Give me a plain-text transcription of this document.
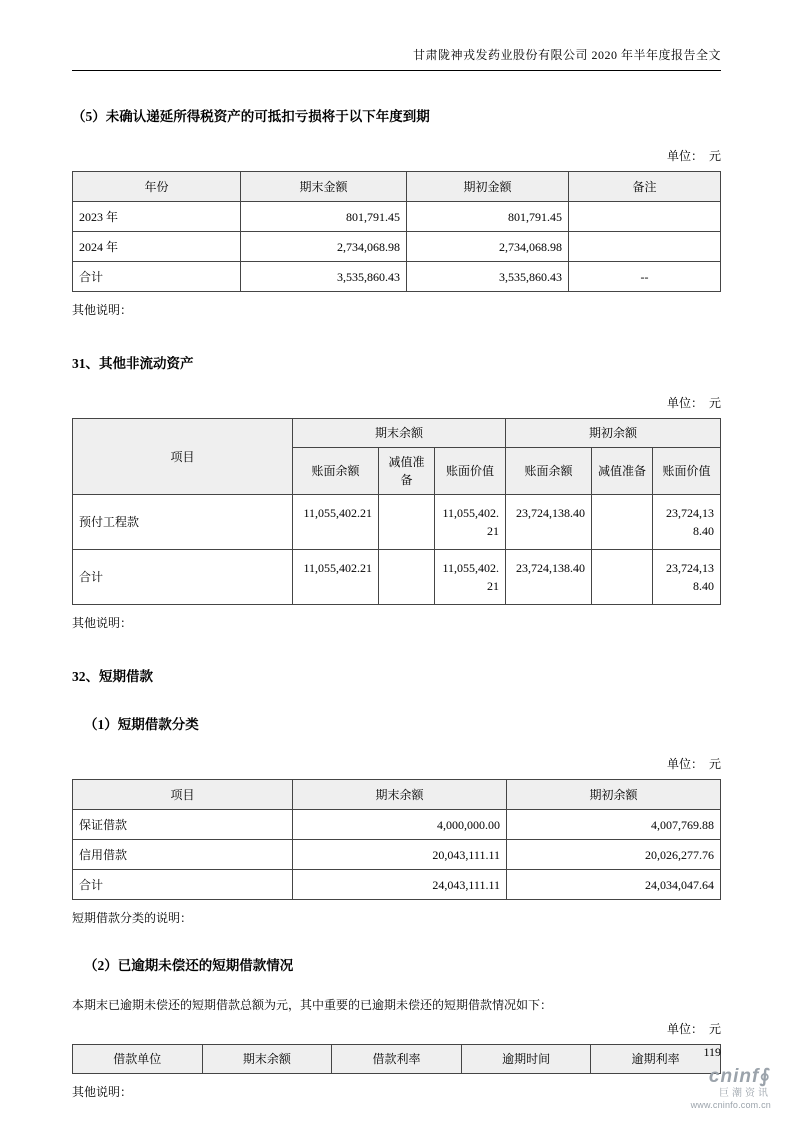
甘肃陇神戎发药业股份有限公司 2020 年半年度报告全文
（5）未确认递延所得税资产的可抵扣亏损将于以下年度到期
单位：　元
年份	期末金额	期初金额	备注
2023 年	801,791.45	801,791.45	
2024 年	2,734,068.98	2,734,068.98	
合计	3,535,860.43	3,535,860.43	--
其他说明：
31、其他非流动资产
单位：　元
项目	期末余额			期初余额		
	账面余额	减值准备	账面价值	账面余额	减值准备	账面价值
预付工程款	11,055,402.21		11,055,402.21	23,724,138.40		23,724,138.40
合计	11,055,402.21		11,055,402.21	23,724,138.40		23,724,138.40
其他说明：
32、短期借款
（1）短期借款分类
单位：　元
项目	期末余额	期初余额
保证借款	4,000,000.00	4,007,769.88
信用借款	20,043,111.11	20,026,277.76
合计	24,043,111.11	24,034,047.64
短期借款分类的说明：
（2）已逾期未偿还的短期借款情况
本期末已逾期未偿还的短期借款总额为元，其中重要的已逾期未偿还的短期借款情况如下：
单位：　元
借款单位	期末余额	借款利率	逾期时间	逾期利率
其他说明：
119
cninf∮
巨潮资讯
www.cninfo.com.cn
